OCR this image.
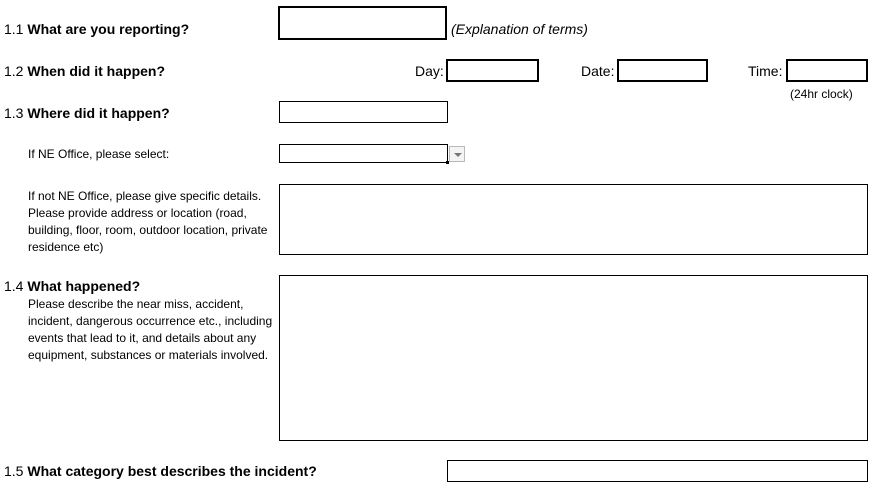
1.1 What are you reporting?	(Explanation of terms)
1.2 When did it happen?	Day:	Date:	Time:
(24hr clock)
1.3 Where did it happen?
If NE Office, please select:
If not NE Office, please give specific details. Please provide address or location (road, building, floor, room, outdoor location, private residence etc)
1.4 What happened?
Please describe the near miss, accident, incident, dangerous occurrence etc., including events that lead to it, and details about any equipment, substances or materials involved.
1.5 What category best describes the incident?
